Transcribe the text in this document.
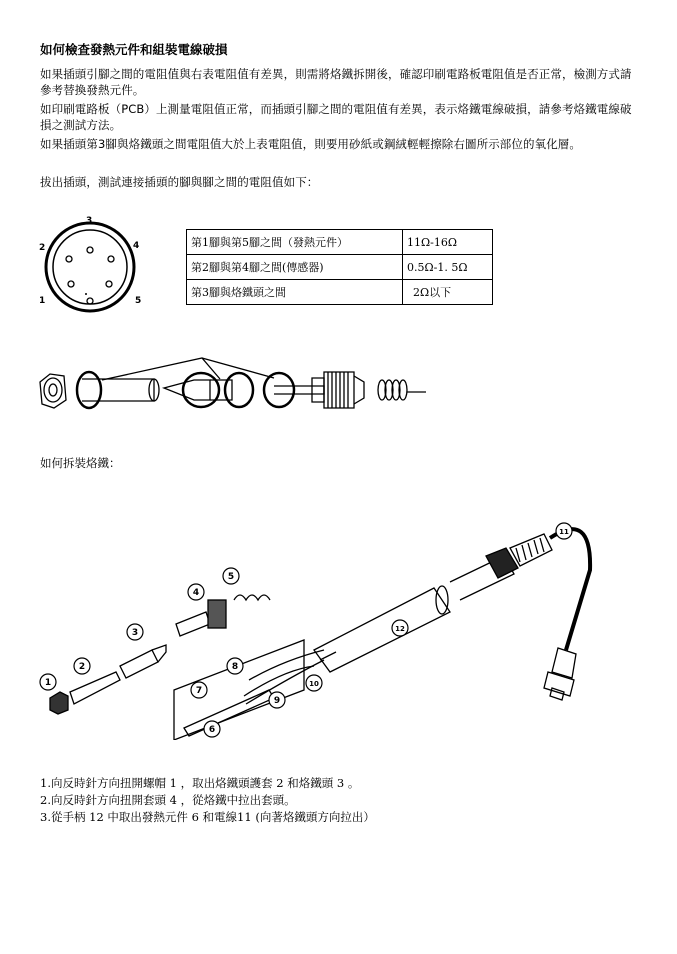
如何檢查發熱元件和組裝電線破損
如果插頭引腳之間的電阻值與右表電阻值有差異，則需將烙鐵拆開後，確認印刷電路板電阻值是否正常，檢測方式請參考替換發熱元件。
如印刷電路板（PCB）上測量電阻值正常，而插頭引腳之間的電阻值有差異，表示烙鐵電線破損，請參考烙鐵電線破損之測試方法。
如果插頭第3腳與烙鐵頭之間電阻值大於上表電阻值，則要用砂紙或鋼絨輕輕擦除右圖所示部位的氧化層。
拔出插頭，測試連接插頭的腳與腳之間的電阻值如下：
3
2	4
1	5
第1腳與第5腳之間（發熱元件）	11Ω-16Ω
第2腳與第4腳之間(傳感器)	0.5Ω-1. 5Ω
第3腳與烙鐵頭之間	2Ω以下
如何拆裝烙鐵：
1
2
3
4
5
6
7
8
9
10
11
12
1.向反時針方向扭開螺帽 1 ，取出烙鐵頭護套 2 和烙鐵頭 3 。
2.向反時針方向扭開套頭 4 ，從烙鐵中拉出套頭。
3.從手柄 12 中取出發熱元件 6 和電線11 (向著烙鐵頭方向拉出）
